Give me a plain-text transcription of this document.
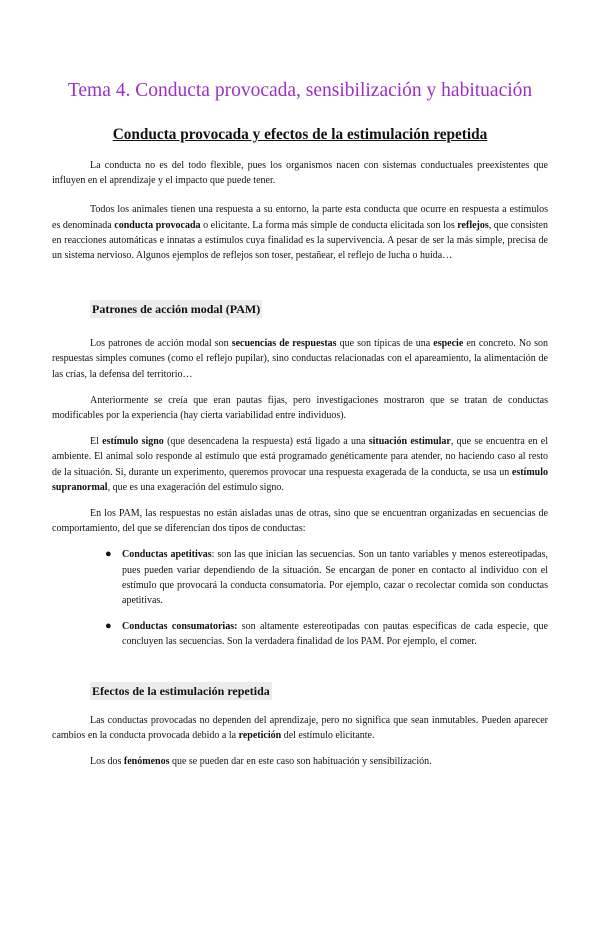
Tema 4. Conducta provocada, sensibilización y habituación
Conducta provocada y efectos de la estimulación repetida

La conducta no es del todo flexible, pues los organismos nacen con sistemas conductuales preexistentes que influyen en el aprendizaje y el impacto que puede tener.

Todos los animales tienen una respuesta a su entorno, la parte esta conducta que ocurre en respuesta a estímulos es denominada conducta provocada o elicitante. La forma más simple de conducta elicitada son los reflejos, que consisten en reacciones automáticas e innatas a estímulos cuya finalidad es la supervivencia. A pesar de ser la más simple, precisa de un sistema nervioso. Algunos ejemplos de reflejos son toser, pestañear, el reflejo de lucha o huida…

Patrones de acción modal (PAM)

Los patrones de acción modal son secuencias de respuestas que son típicas de una especie en concreto. No son respuestas simples comunes (como el reflejo pupilar), sino conductas relacionadas con el apareamiento, la alimentación de las crías, la defensa del territorio…

Anteriormente se creía que eran pautas fijas, pero investigaciones mostraron que se tratan de conductas modificables por la experiencia (hay cierta variabilidad entre individuos).

El estímulo signo (que desencadena la respuesta) está ligado a una situación estimular, que se encuentra en el ambiente. El animal solo responde al estímulo que está programado genéticamente para atender, no haciendo caso al resto de la situación. Si, durante un experimento, queremos provocar una respuesta exagerada de la conducta, se usa un estímulo supranormal, que es una exageración del estímulo signo.

En los PAM, las respuestas no están aisladas unas de otras, sino que se encuentran organizadas en secuencias de comportamiento, del que se diferencian dos tipos de conductas:

● Conductas apetitivas: son las que inician las secuencias. Son un tanto variables y menos estereotipadas, pues pueden variar dependiendo de la situación. Se encargan de poner en contacto al individuo con el estímulo que provocará la conducta consumatoria. Por ejemplo, cazar o recolectar comida son conductas apetitivas.
● Conductas consumatorias: son altamente estereotipadas con pautas específicas de cada especie, que concluyen las secuencias. Son la verdadera finalidad de los PAM. Por ejemplo, el comer.
Efectos de la estimulación repetida

Las conductas provocadas no dependen del aprendizaje, pero no significa que sean inmutables. Pueden aparecer cambios en la conducta provocada debido a la repetición del estímulo elicitante.

Los dos fenómenos que se pueden dar en este caso son habituación y sensibilización.
